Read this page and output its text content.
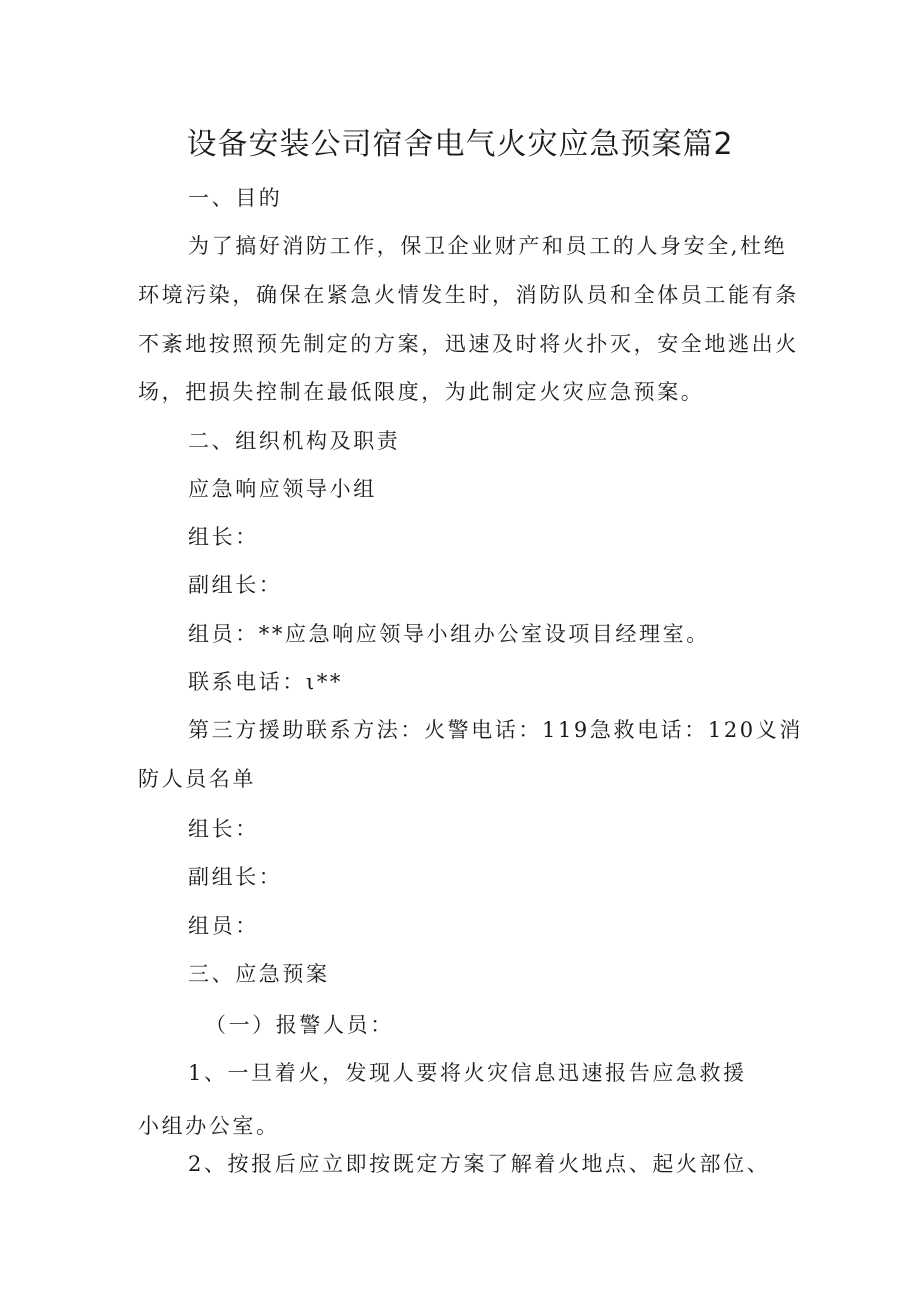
设备安装公司宿舍电气火灾应急预案篇2

一、目的

为了搞好消防工作，保卫企业财产和员工的人身安全,杜绝

环境污染，确保在紧急火情发生时，消防队员和全体员工能有条

不紊地按照预先制定的方案，迅速及时将火扑灭，安全地逃出火

场，把损失控制在最低限度，为此制定火灾应急预案。

二、组织机构及职责

应急响应领导小组

组长：

副组长：

组员：**应急响应领导小组办公室设项目经理室。

联系电话：ι**

第三方援助联系方法：火警电话：119急救电话：120义消

防人员名单

组长：

副组长：

组员：

三、应急预案

（一）报警人员：

1、一旦着火，发现人要将火灾信息迅速报告应急救援

小组办公室。

2、按报后应立即按既定方案了解着火地点、起火部位、
